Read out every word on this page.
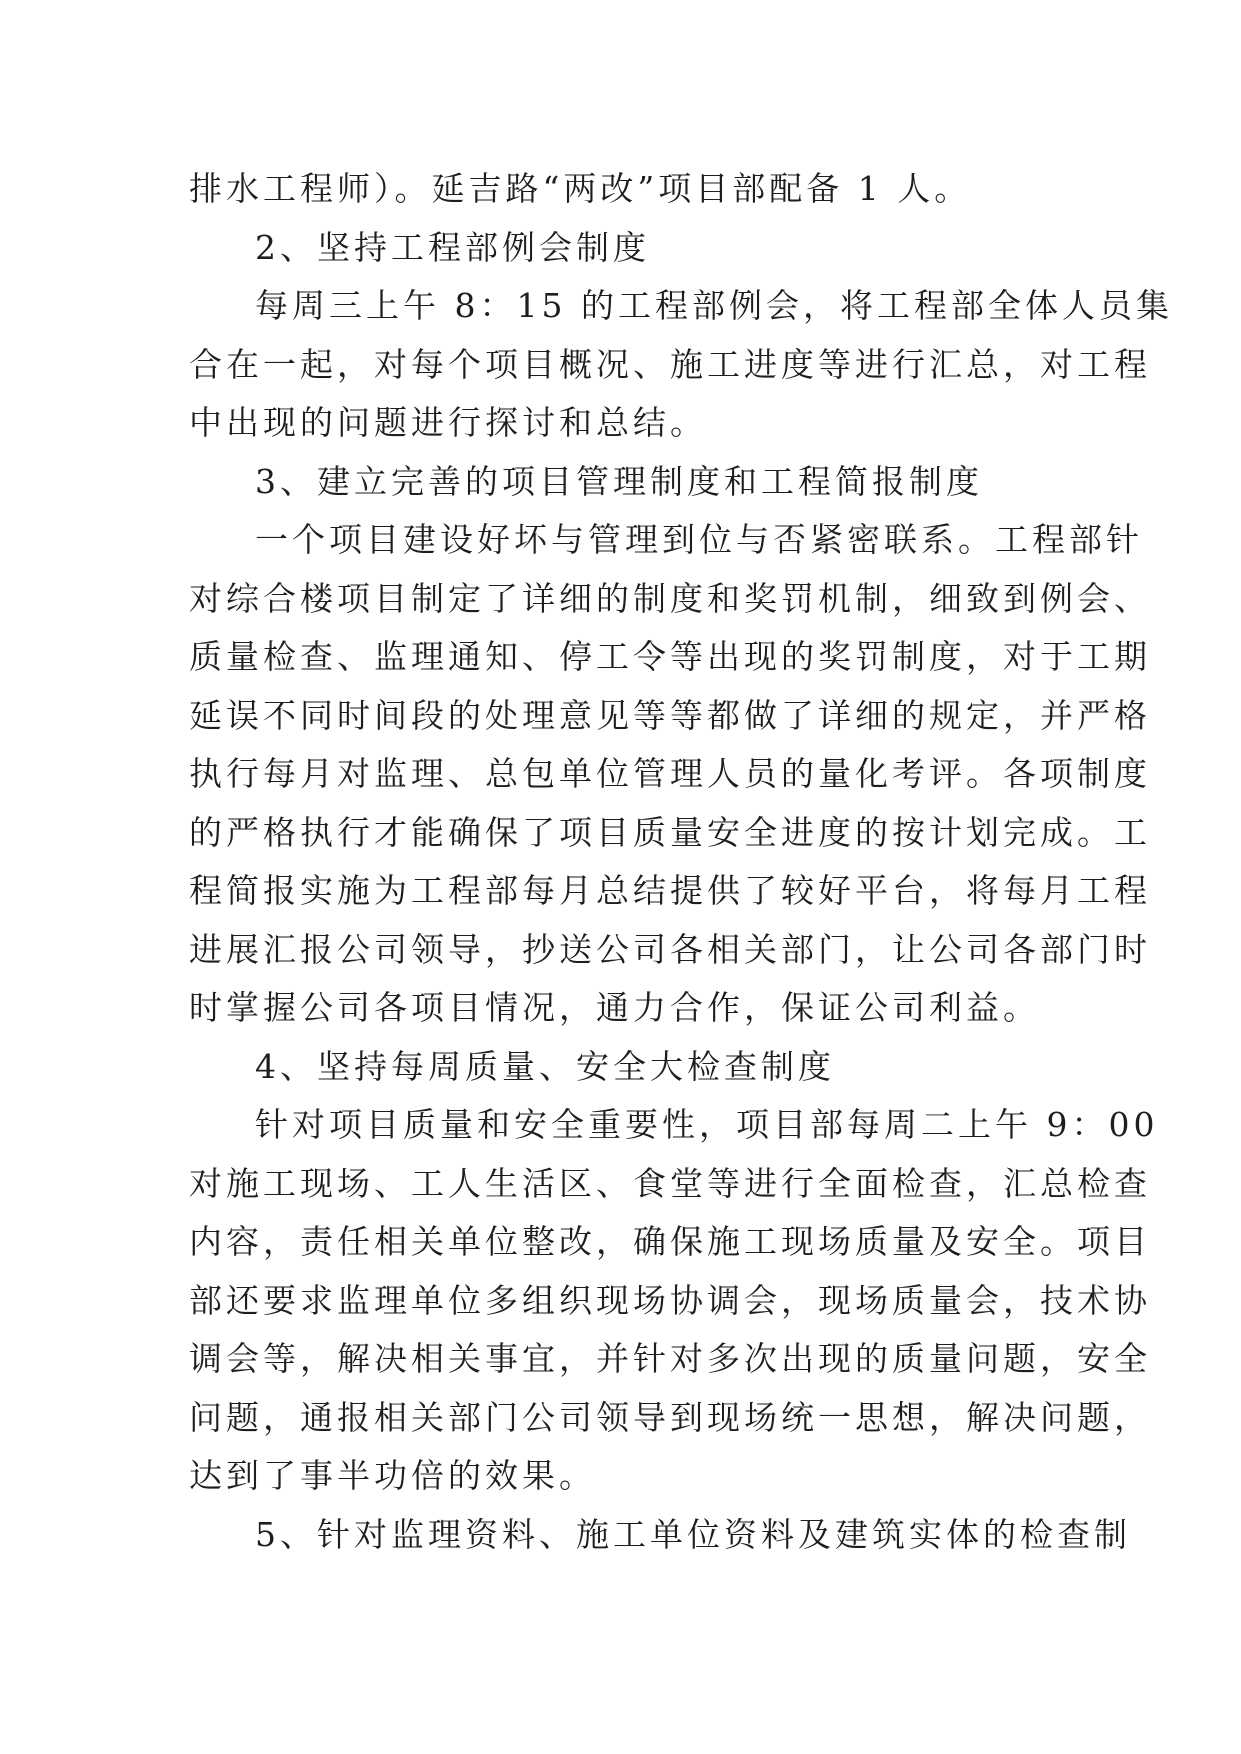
排水工程师）。延吉路“两改”项目部配备 1 人。
2、坚持工程部例会制度
每周三上午 8：15 的工程部例会，将工程部全体人员集
合在一起，对每个项目概况、施工进度等进行汇总，对工程
中出现的问题进行探讨和总结。
3、建立完善的项目管理制度和工程简报制度
一个项目建设好坏与管理到位与否紧密联系。工程部针
对综合楼项目制定了详细的制度和奖罚机制，细致到例会、
质量检查、监理通知、停工令等出现的奖罚制度，对于工期
延误不同时间段的处理意见等等都做了详细的规定，并严格
执行每月对监理、总包单位管理人员的量化考评。各项制度
的严格执行才能确保了项目质量安全进度的按计划完成。工
程简报实施为工程部每月总结提供了较好平台，将每月工程
进展汇报公司领导，抄送公司各相关部门，让公司各部门时
时掌握公司各项目情况，通力合作，保证公司利益。
4、坚持每周质量、安全大检查制度
针对项目质量和安全重要性，项目部每周二上午 9：00
对施工现场、工人生活区、食堂等进行全面检查，汇总检查
内容，责任相关单位整改，确保施工现场质量及安全。项目
部还要求监理单位多组织现场协调会，现场质量会，技术协
调会等，解决相关事宜，并针对多次出现的质量问题，安全
问题，通报相关部门公司领导到现场统一思想，解决问题，
达到了事半功倍的效果。
5、针对监理资料、施工单位资料及建筑实体的检查制
